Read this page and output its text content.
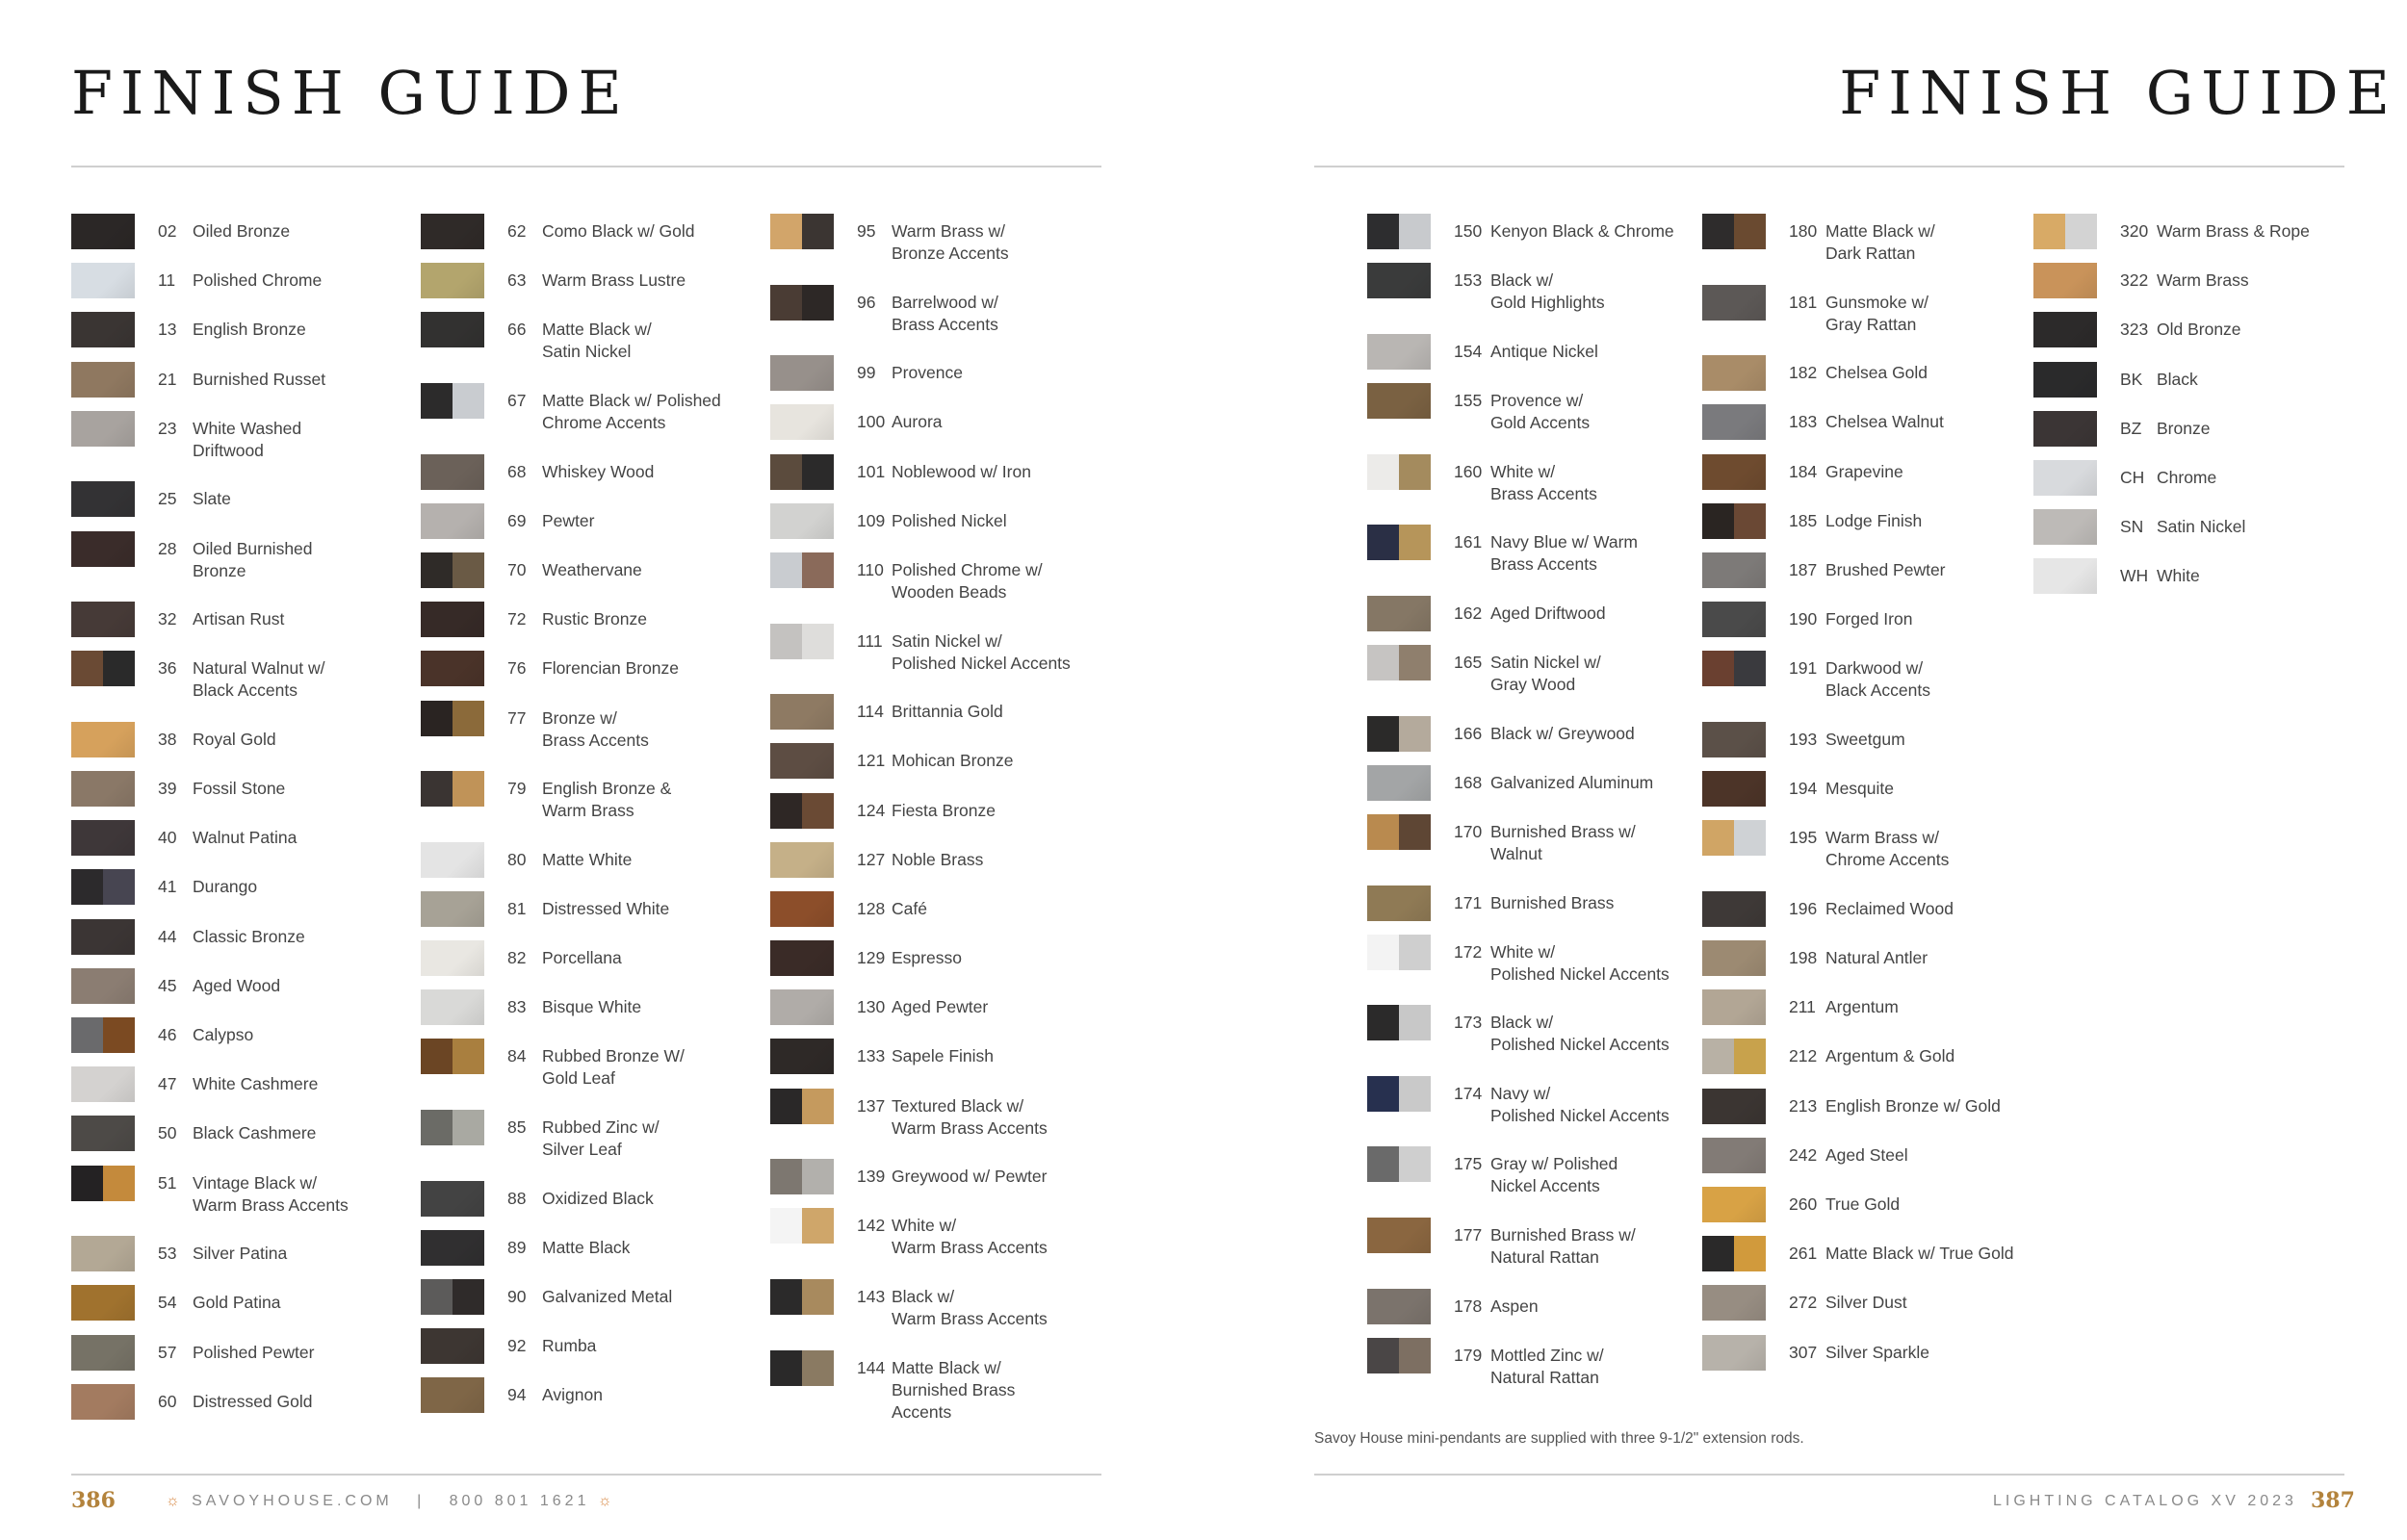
FINISH GUIDE
02 Oiled Bronze
11	Polished Chrome
13 English Bronze
21 Burnished Russet
23 White Washed
Driftwood
25 Slate
28 Oiled Burnished
Bronze
32 Artisan Rust
36 Natural Walnut w/
Black Accents
38 Royal Gold
39 Fossil Stone
40 Walnut Patina
41 Durango
44 Classic Bronze
45 Aged Wood
46 Calypso
47 White Cashmere
50 Black Cashmere
51 Vintage Black w/
Warm Brass Accents
53 Silver Patina
54 Gold Patina
57 Polished Pewter
60 Distressed Gold
62 Como Black w/ Gold
63 Warm Brass Lustre
66 Matte Black w/
Satin Nickel
67 Matte Black w/ Polished
Chrome Accents
68 Whiskey Wood
69 Pewter
70 Weathervane
72 Rustic Bronze
76 Florencian Bronze
77 Bronze w/
Brass Accents
79 English Bronze &
Warm Brass
80 Matte White
81 Distressed White
82 Porcellana
83 Bisque White
84 Rubbed Bronze W/
Gold Leaf
85 Rubbed Zinc w/
Silver Leaf
88 Oxidized Black
89 Matte Black
90 Galvanized Metal
92 Rumba
94 Avignon
95 Warm Brass w/
Bronze Accents
96 Barrelwood w/
Brass Accents
99 Provence
100 Aurora
101 Noblewood w/ Iron
109 Polished Nickel
110 Polished Chrome w/
Wooden Beads
111 Satin Nickel w/
Polished Nickel Accents
114 Brittannia Gold
121 Mohican Bronze
124 Fiesta Bronze
127 Noble Brass
128 Café
129 Espresso
130 Aged Pewter
133 Sapele Finish
137 Textured Black w/
Warm Brass Accents
139 Greywood w/ Pewter
142 White w/
Warm Brass Accents
143 Black w/
Warm Brass Accents
144 Matte Black w/
Burnished Brass
Accents
386	☼ SAVOYHOUSE.COM | 800 801 1621 ☼
FINISH GUIDE
150 Kenyon Black & Chrome
153 Black w/
Gold Highlights
154 Antique Nickel
155 Provence w/
Gold Accents
160 White w/
Brass Accents
161 Navy Blue w/ Warm
Brass Accents
162 Aged Driftwood
165 Satin Nickel w/
Gray Wood
166 Black w/ Greywood
168 Galvanized Aluminum
170 Burnished Brass w/
Walnut
171 Burnished Brass
172 White w/
Polished Nickel Accents
173 Black w/
Polished Nickel Accents
174 Navy w/
Polished Nickel Accents
175 Gray w/ Polished
Nickel Accents
177 Burnished Brass w/
Natural Rattan
178 Aspen
179 Mottled Zinc w/
Natural Rattan
180 Matte Black w/
Dark Rattan
181 Gunsmoke w/
Gray Rattan
182 Chelsea Gold
183 Chelsea Walnut
184 Grapevine
185 Lodge Finish
187 Brushed Pewter
190 Forged Iron
191 Darkwood w/
Black Accents
193 Sweetgum
194 Mesquite
195 Warm Brass w/
Chrome Accents
196 Reclaimed Wood
198 Natural Antler
211 Argentum
212 Argentum & Gold
213 English Bronze w/ Gold
242 Aged Steel
260 True Gold
261 Matte Black w/ True Gold
272 Silver Dust
307 Silver Sparkle
320 Warm Brass & Rope
322 Warm Brass
323 Old Bronze
BK Black
BZ Bronze
CH Chrome
SN Satin Nickel
WH White
Savoy House mini-pendants are supplied with three 9-1/2" extension rods.
LIGHTING CATALOG XV 2023 387
